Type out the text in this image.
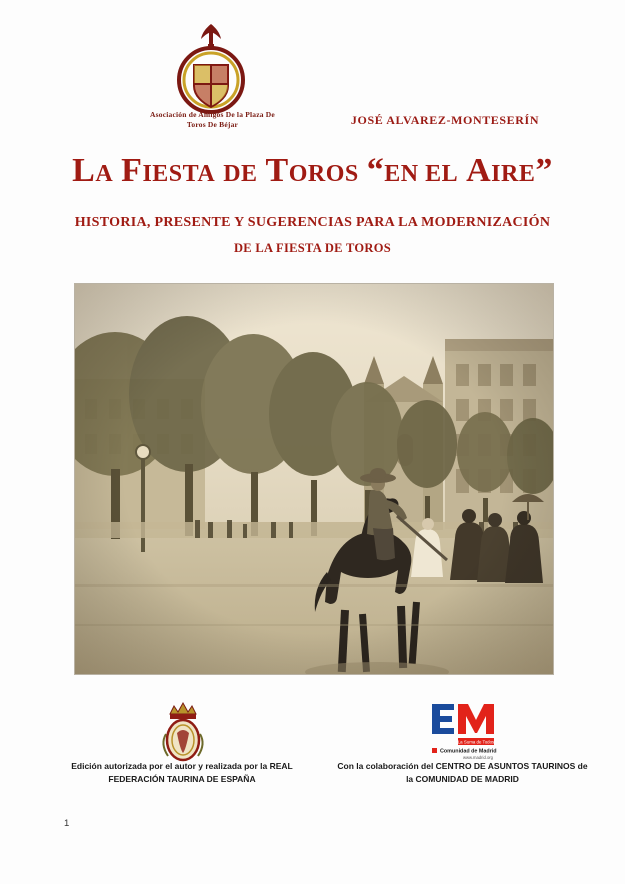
Asociación de Amigos De la Plaza De Toros De Béjar	JOSÉ ALVAREZ-MONTESERÍN
LA FIESTA DE TOROS “EN EL AIRE”
HISTORIA, PRESENTE Y SUGERENCIAS PARA LA MODERNIZACIÓN
DE LA FIESTA DE TOROS
Edición autorizada por el autor y realizada por la REAL
FEDERACIÓN TAURINA DE ESPAÑA
La Suma de Todos
Comunidad de Madrid
www.madrid.org
Con la colaboración del CENTRO DE ASUNTOS TAURINOS de
la COMUNIDAD DE MADRID
1
